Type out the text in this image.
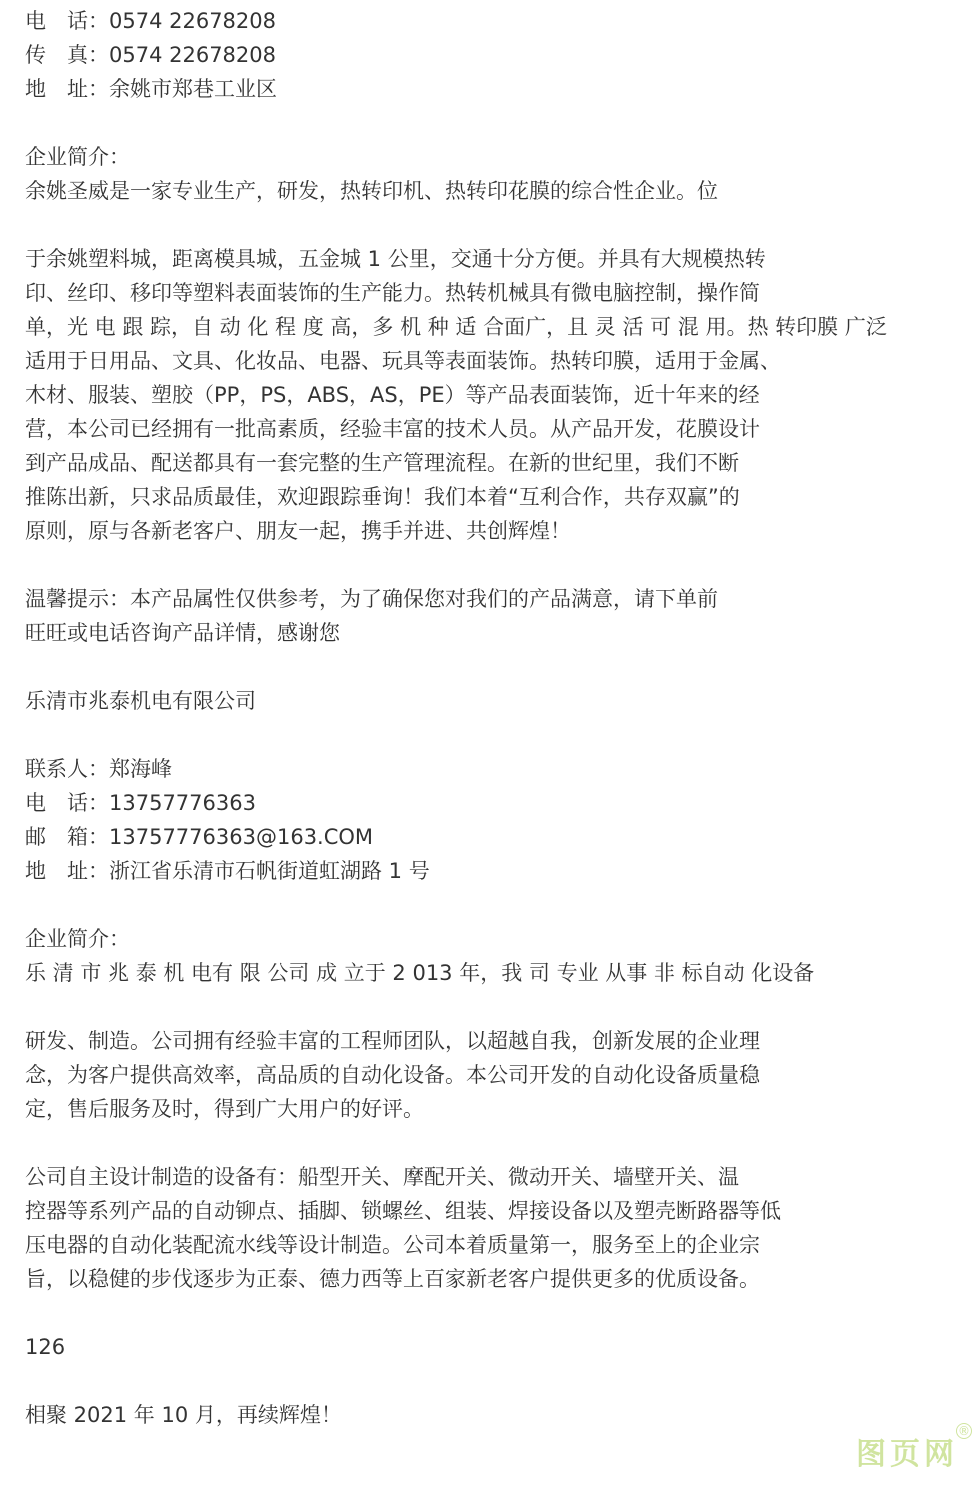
电　话：0574 22678208
传　真：0574 22678208
地　址：余姚市郑巷工业区
企业简介：
余姚圣威是一家专业生产，研发，热转印机、热转印花膜的综合性企业。位
于余姚塑料城，距离模具城，五金城 1 公里，交通十分方便。并具有大规模热转
印、丝印、移印等塑料表面装饰的生产能力。热转机械具有微电脑控制，操作简
单，光 电 跟 踪，自 动 化 程 度 高，多 机 种 适 合面广，且 灵 活 可 混 用。热 转印膜 广泛
适用于日用品、文具、化妆品、电器、玩具等表面装饰。热转印膜，适用于金属、
木材、服装、塑胶（PP，PS，ABS，AS，PE）等产品表面装饰，近十年来的经
营，本公司已经拥有一批高素质，经验丰富的技术人员。从产品开发，花膜设计
到产品成品、配送都具有一套完整的生产管理流程。在新的世纪里，我们不断
推陈出新，只求品质最佳，欢迎跟踪垂询！我们本着“互利合作，共存双赢”的
原则，原与各新老客户、朋友一起，携手并进、共创辉煌！
温馨提示：本产品属性仅供参考，为了确保您对我们的产品满意，请下单前
旺旺或电话咨询产品详情，感谢您
乐清市兆泰机电有限公司
联系人：郑海峰
电　话：13757776363
邮　箱：13757776363@163.COM
地　址：浙江省乐清市石帆街道虹湖路 1 号
企业简介：
乐 清 市 兆 泰 机 电有 限 公司 成 立于 2 013 年，我 司 专业 从事 非 标自动 化设备
研发、制造。公司拥有经验丰富的工程师团队，以超越自我，创新发展的企业理
念，为客户提供高效率，高品质的自动化设备。本公司开发的自动化设备质量稳
定，售后服务及时，得到广大用户的好评。
公司自主设计制造的设备有：船型开关、摩配开关、微动开关、墙壁开关、温
控器等系列产品的自动铆点、插脚、锁螺丝、组装、焊接设备以及塑壳断路器等低
压电器的自动化装配流水线等设计制造。公司本着质量第一，服务至上的企业宗
旨，以稳健的步伐逐步为正泰、德力西等上百家新老客户提供更多的优质设备。
126
相聚 2021 年 10 月，再续辉煌！
图页网
®
